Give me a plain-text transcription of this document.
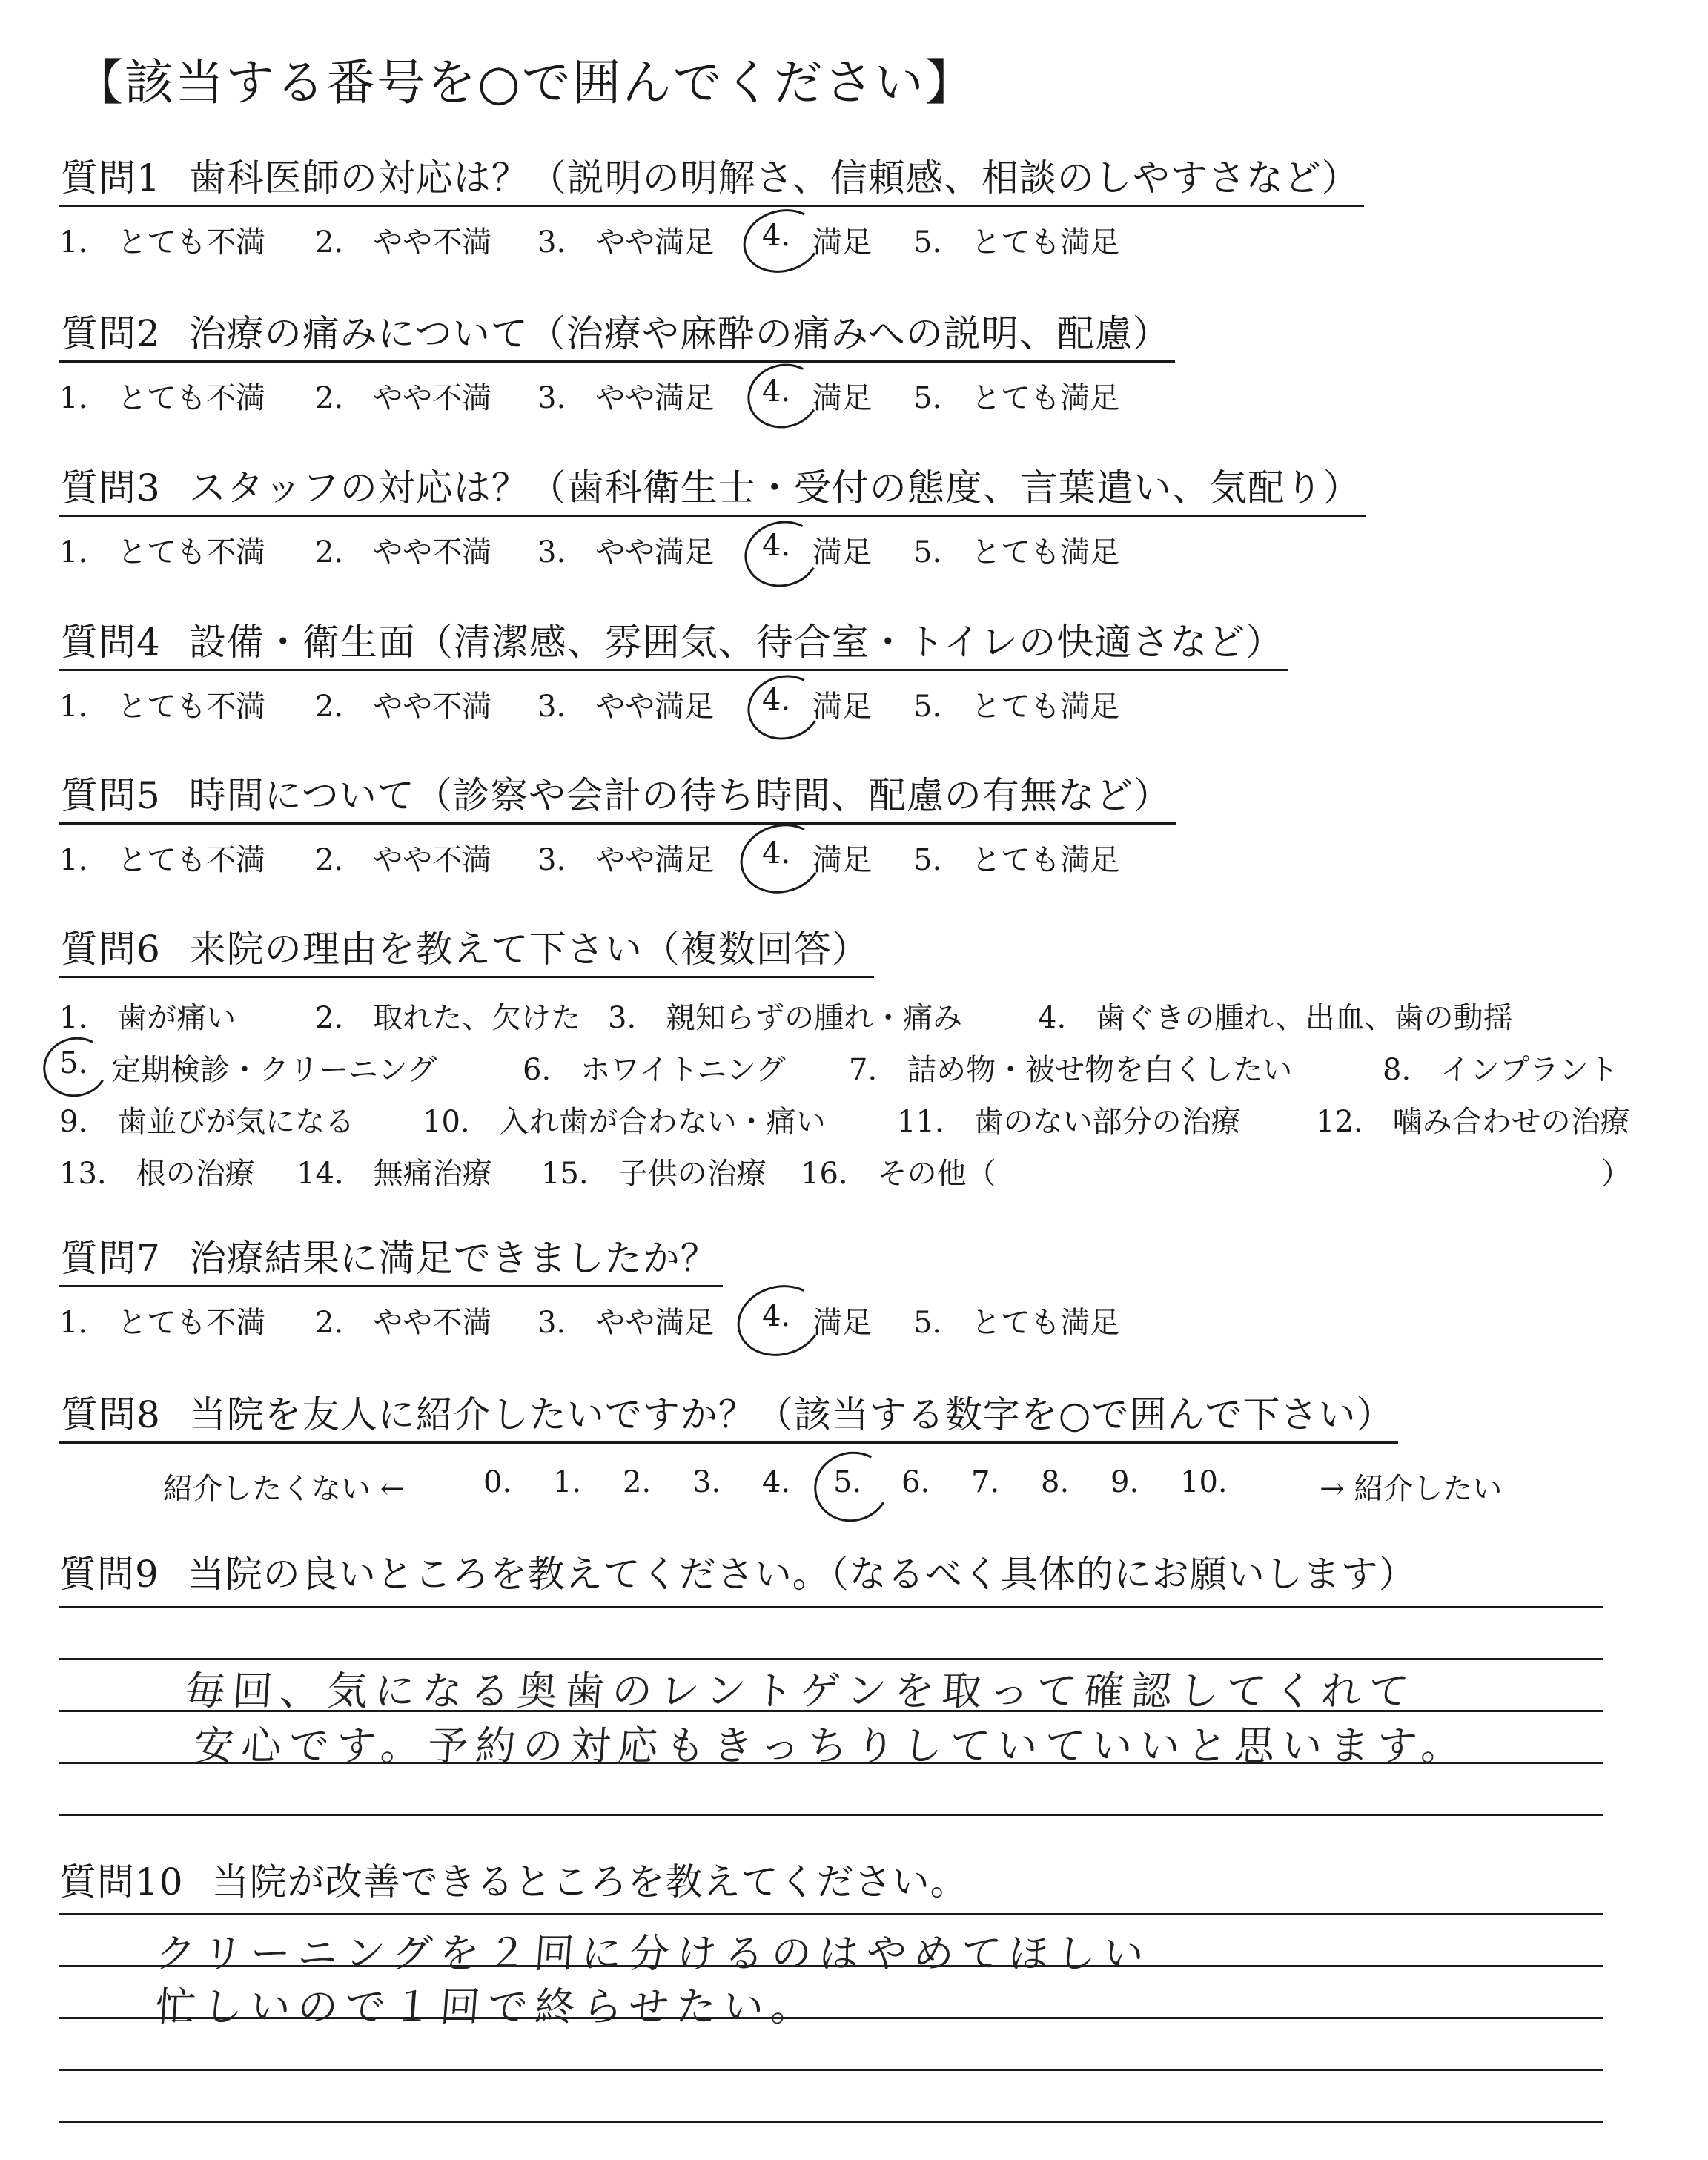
【該当する番号を○で囲んでください】
質問1 歯科医師の対応は？（説明の明解さ、信頼感、相談のしやすさなど）
1.　とても不満 2.　やや不満 3.　やや満足 4. 満足 5.　とても満足
質問2 治療の痛みについて（治療や麻酔の痛みへの説明、配慮）
1.　とても不満 2.　やや不満 3.　やや満足 4. 満足 5.　とても満足
質問3 スタッフの対応は？（歯科衛生士・受付の態度、言葉遣い、気配り）
1.　とても不満 2.　やや不満 3.　やや満足 4. 満足 5.　とても満足
質問4 設備・衛生面（清潔感、雰囲気、待合室・トイレの快適さなど）
1.　とても不満 2.　やや不満 3.　やや満足 4. 満足 5.　とても満足
質問5 時間について（診察や会計の待ち時間、配慮の有無など）
1.　とても不満 2.　やや不満 3.　やや満足 4. 満足 5.　とても満足
質問6 来院の理由を教えて下さい（複数回答）
1.　歯が痛い	2.　取れた、欠けた 3.　親知らずの腫れ・痛み	4.　歯ぐきの腫れ、出血、歯の動揺
5. 定期検診・クリーニング	6.　ホワイトニング 7.　詰め物・被せ物を白くしたい	8.　インプラント
9.　歯並びが気になる 10.　入れ歯が合わない・痛い 11.　歯のない部分の治療	12.　噛み合わせの治療
13.　根の治療 14.　無痛治療 15.　子供の治療 16.　その他（	）
質問7 治療結果に満足できましたか？
1.　とても不満 2.　やや不満 3.　やや満足 4. 満足 5.　とても満足
質問8 当院を友人に紹介したいですか？（該当する数字を○で囲んで下さい）
紹介したくない ←	0. 1. 2. 3. 4. 5. 6. 7. 8. 9. 10.	→ 紹介したい
質問9 当院の良いところを教えてください。（なるべく具体的にお願いします）
毎回、気になる奥歯のレントゲンを取って確認してくれて
安心です。予約の対応もきっちりしていていいと思います。
質問10 当院が改善できるところを教えてください。
クリーニングを２回に分けるのはやめてほしい
忙しいので１回で終らせたい。
